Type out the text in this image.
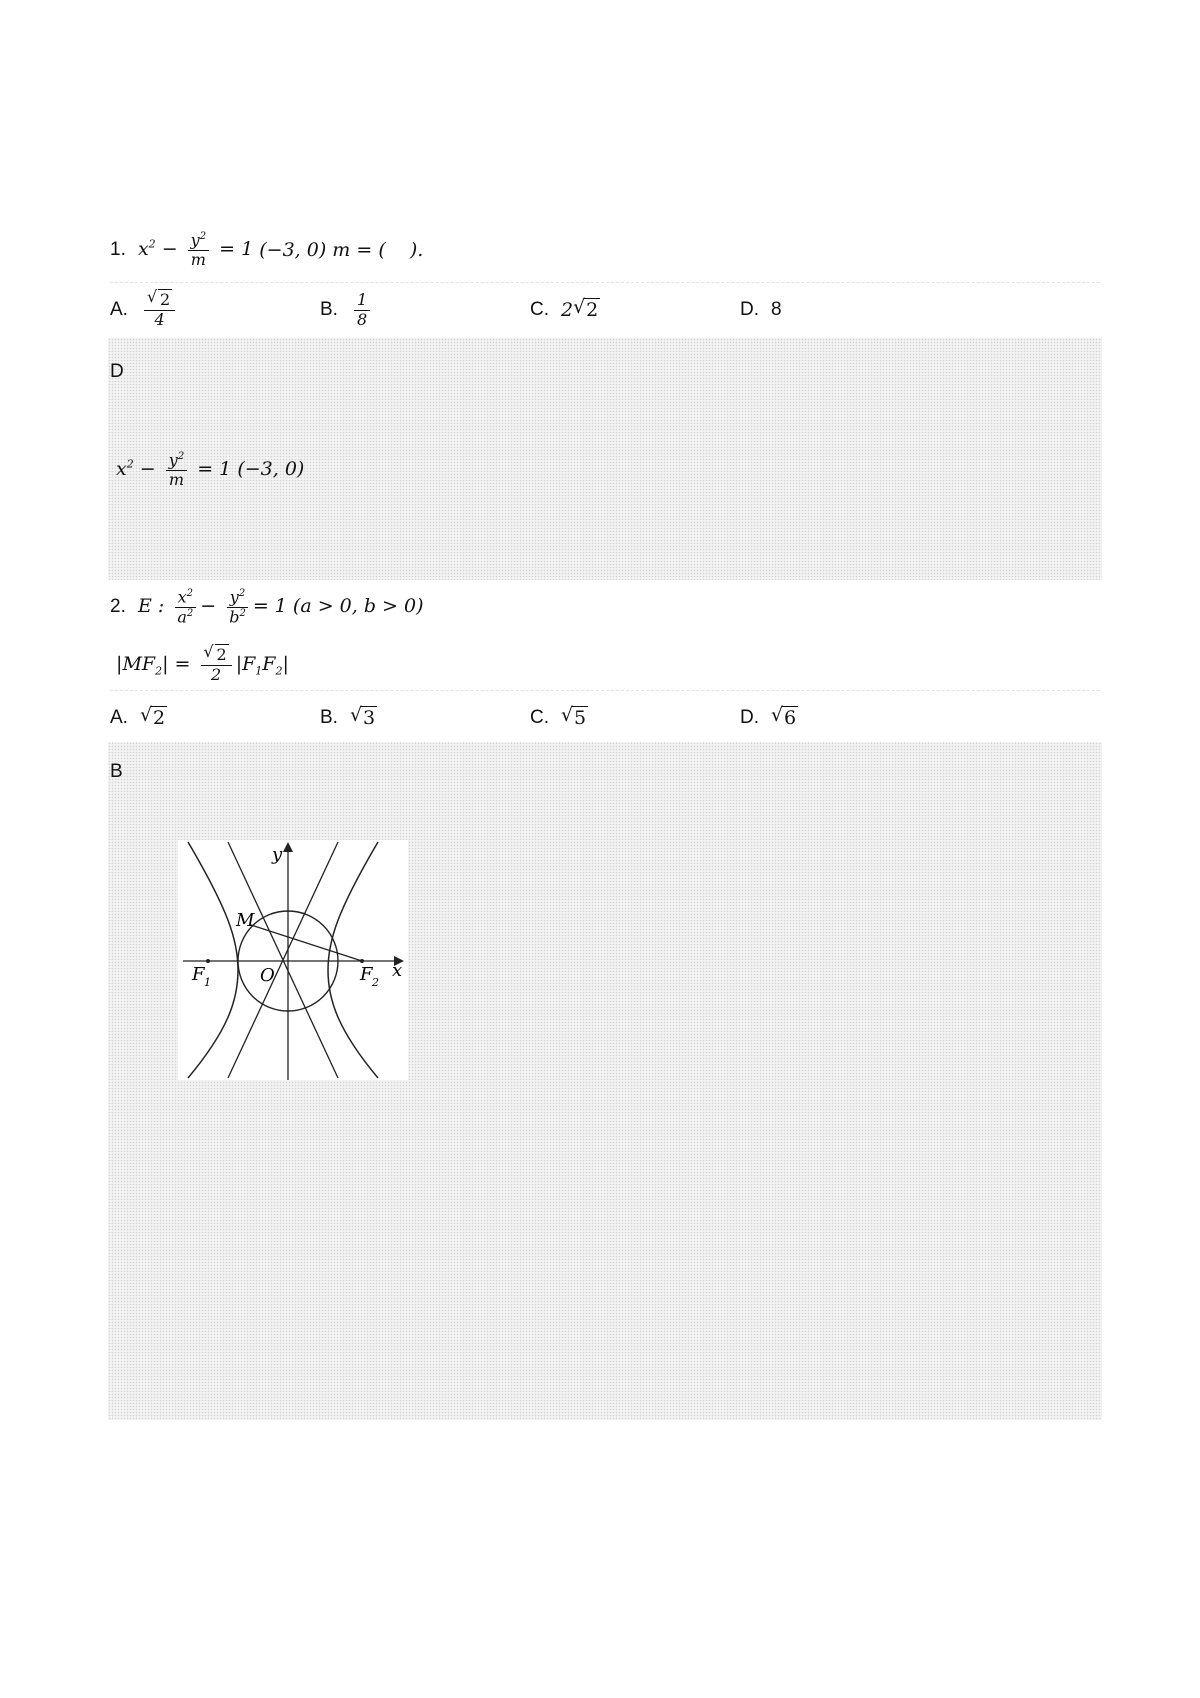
1.

$x^2 - \frac{y^2}{m} = 1$
(−3, 0)
m = (    ).
A. √ $\frac{2}{4}$	B. $\frac{1}{8}$	C. 2 √ 2	D. 8
D

$x^2 - \frac{y^2}{m} = 1$ (−3, 0)
2.

E : $\frac{x^2}{a^2} - \frac{y^2}{b^2} = 1$ (a > 0, b > 0)

$|MF_2|$ = √ $\frac{2}{2} |F_1F_2|$
A.	√ 2	B.	√ 3	C.	√ 5	D.	√ 6
B
y
x
M
O
F 1	F 2
